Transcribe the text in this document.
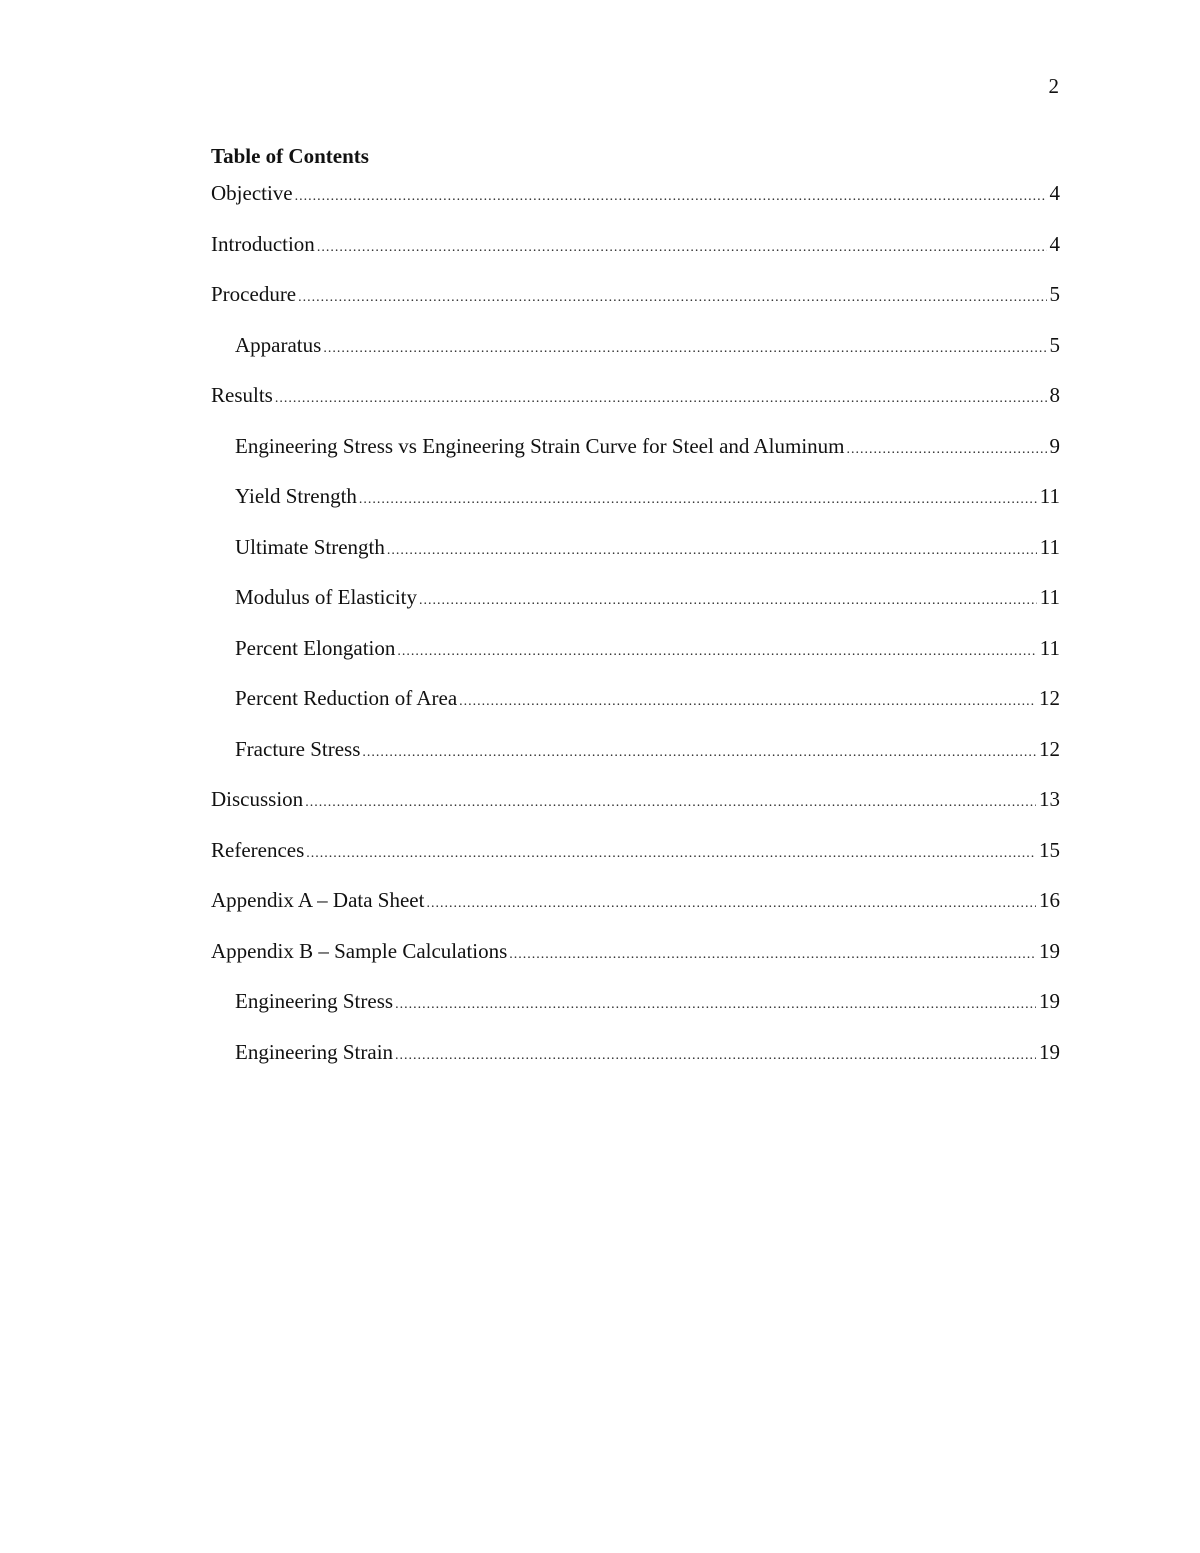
2
Table of Contents
Objective .....	4
Introduction .....	4
Procedure .....	5
Apparatus .....	5
Results .....	8
Engineering Stress vs Engineering Strain Curve for Steel and Aluminum .....	9
Yield Strength .....	11
Ultimate Strength .....	11
Modulus of Elasticity .....	11
Percent Elongation .....	11
Percent Reduction of Area .....	12
Fracture Stress .....	12
Discussion .....	13
References .....	15
Appendix A – Data Sheet .....	16
Appendix B – Sample Calculations .....	19
Engineering Stress .....	19
Engineering Strain .....	19
